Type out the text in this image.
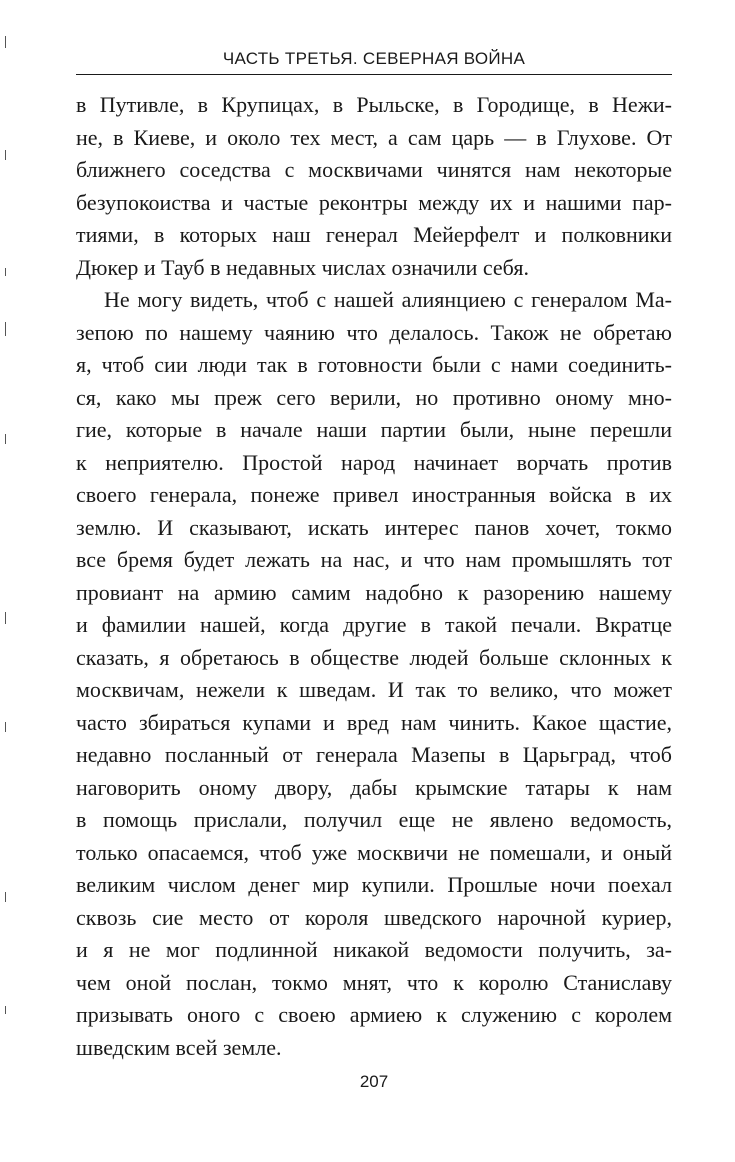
ЧАСТЬ ТРЕТЬЯ. СЕВЕРНАЯ ВОЙНА
в Путивле, в Крупицах, в Рыльске, в Городище, в Нежи-
не, в Киеве, и около тех мест, а сам царь — в Глухове. От
ближнего соседства с москвичами чинятся нам некоторые
безупокоиства и частые реконтры между их и нашими пар-
тиями, в которых наш генерал Мейерфелт и полковники
Дюкер и Тауб в недавных числах означили себя.
Не могу видеть, чтоб с нашей алиянциею с генералом Ма-
зепою по нашему чаянию что делалось. Також не обретаю
я, чтоб сии люди так в готовности были с нами соединить-
ся, како мы преж сего верили, но противно оному мно-
гие, которые в начале наши партии были, ныне перешли
к неприятелю. Простой народ начинает ворчать против
своего генерала, понеже привел иностранныя войска в их
землю. И сказывают, искать интерес панов хочет, токмо
все бремя будет лежать на нас, и что нам промышлять тот
провиант на армию самим надобно к разорению нашему
и фамилии нашей, когда другие в такой печали. Вкратце
сказать, я обретаюсь в обществе людей больше склонных к
москвичам, нежели к шведам. И так то велико, что может
часто збираться купами и вред нам чинить. Какое щастие,
недавно посланный от генерала Мазепы в Царьград, чтоб
наговорить оному двору, дабы крымские татары к нам
в помощь прислали, получил еще не явлено ведомость,
только опасаемся, чтоб уже москвичи не помешали, и оный
великим числом денег мир купили. Прошлые ночи поехал
сквозь сие место от короля шведского нарочной куриер,
и я не мог подлинной никакой ведомости получить, за-
чем оной послан, токмо мнят, что к королю Станиславу
призывать оного с своею армиею к служению с королем
шведским всей земле.
207
